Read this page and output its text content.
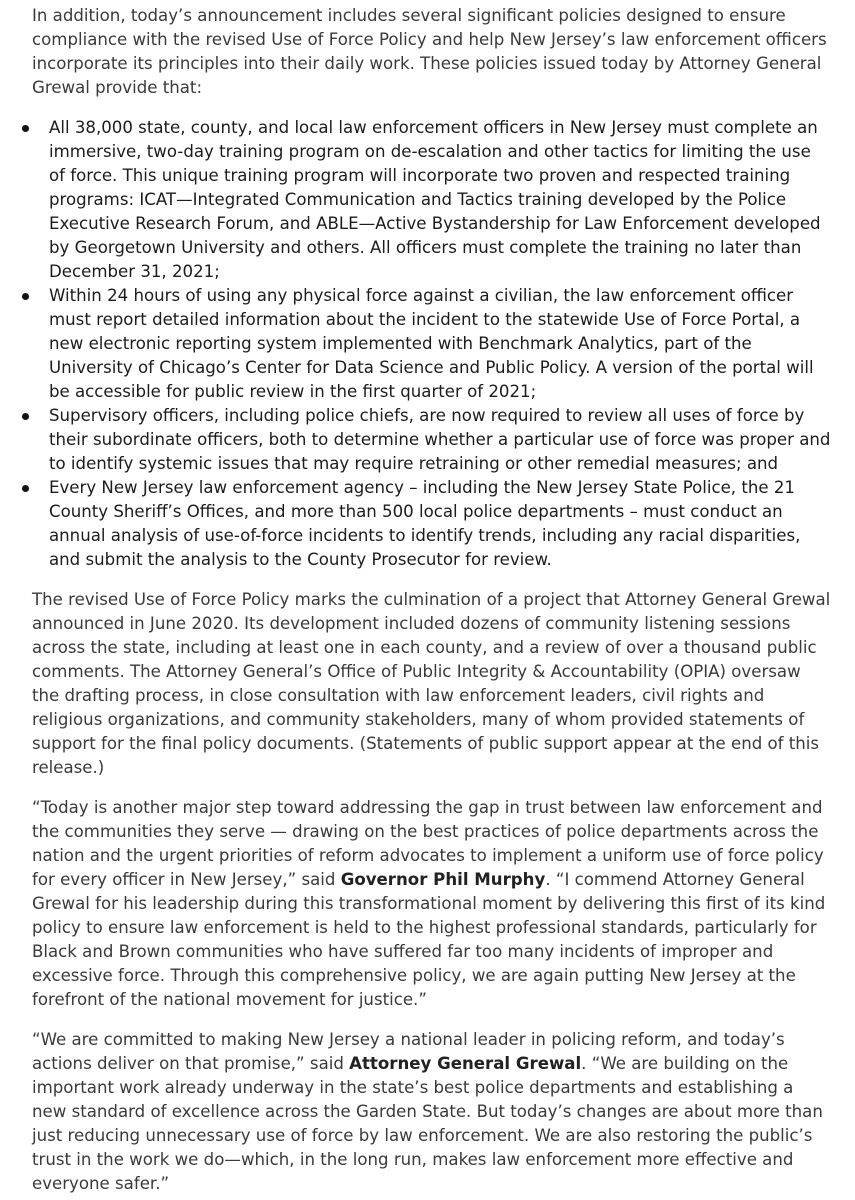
In addition, today’s announcement includes several significant policies designed to ensure compliance with the revised Use of Force Policy and help New Jersey’s law enforcement officers incorporate its principles into their daily work. These policies issued today by Attorney General Grewal provide that:

All 38,000 state, county, and local law enforcement officers in New Jersey must complete an immersive, two-day training program on de-escalation and other tactics for limiting the use of force. This unique training program will incorporate two proven and respected training programs: ICAT—Integrated Communication and Tactics training developed by the Police Executive Research Forum, and ABLE—Active Bystandership for Law Enforcement developed by Georgetown University and others. All officers must complete the training no later than December 31, 2021;
Within 24 hours of using any physical force against a civilian, the law enforcement officer must report detailed information about the incident to the statewide Use of Force Portal, a new electronic reporting system implemented with Benchmark Analytics, part of the University of Chicago’s Center for Data Science and Public Policy. A version of the portal will be accessible for public review in the first quarter of 2021;
Supervisory officers, including police chiefs, are now required to review all uses of force by their subordinate officers, both to determine whether a particular use of force was proper and to identify systemic issues that may require retraining or other remedial measures; and
Every New Jersey law enforcement agency – including the New Jersey State Police, the 21 County Sheriff’s Offices, and more than 500 local police departments – must conduct an annual analysis of use-of-force incidents to identify trends, including any racial disparities, and submit the analysis to the County Prosecutor for review.

The revised Use of Force Policy marks the culmination of a project that Attorney General Grewal announced in June 2020. Its development included dozens of community listening sessions across the state, including at least one in each county, and a review of over a thousand public comments. The Attorney General’s Office of Public Integrity & Accountability (OPIA) oversaw the drafting process, in close consultation with law enforcement leaders, civil rights and religious organizations, and community stakeholders, many of whom provided statements of support for the final policy documents. (Statements of public support appear at the end of this release.)

“Today is another major step toward addressing the gap in trust between law enforcement and the communities they serve — drawing on the best practices of police departments across the nation and the urgent priorities of reform advocates to implement a uniform use of force policy for every officer in New Jersey,” said Governor Phil Murphy. “I commend Attorney General Grewal for his leadership during this transformational moment by delivering this first of its kind policy to ensure law enforcement is held to the highest professional standards, particularly for Black and Brown communities who have suffered far too many incidents of improper and excessive force. Through this comprehensive policy, we are again putting New Jersey at the forefront of the national movement for justice.”

“We are committed to making New Jersey a national leader in policing reform, and today’s actions deliver on that promise,” said Attorney General Grewal. “We are building on the important work already underway in the state’s best police departments and establishing a new standard of excellence across the Garden State. But today’s changes are about more than just reducing unnecessary use of force by law enforcement. We are also restoring the public’s trust in the work we do—which, in the long run, makes law enforcement more effective and everyone safer.”
